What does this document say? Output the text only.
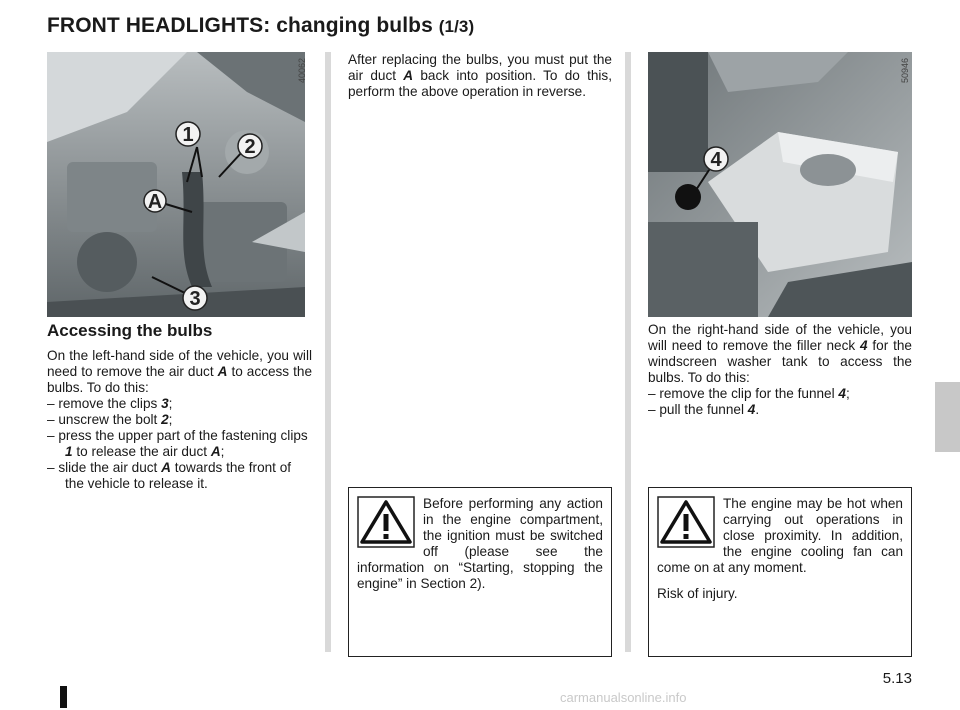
FRONT HEADLIGHTS: changing bulbs (1/3)
1
2
A
3
40062
Accessing the bulbs

On the left-hand side of the vehicle, you will need to remove the air duct A to access the bulbs. To do this:

– remove the clips 3;

– unscrew the bolt 2;

– press the upper part of the fastening clips 1 to release the air duct A;

– slide the air duct A towards the front of the vehicle to release it.

After replacing the bulbs, you must put the air duct A back into position. To do this, perform the above operation in reverse.

Before performing any action in the engine compartment, the ignition must be switched off (please see the information on “Starting, stopping the engine” in Section 2).

4
50946

On the right-hand side of the vehicle, you will need to remove the filler neck 4 for the windscreen washer tank to access the bulbs. To do this:

– remove the clip for the funnel 4;

– pull the funnel 4.

The engine may be hot when carrying out operations in close proximity. In addition, the engine cooling fan can come on at any moment.

Risk of injury.

5.13
carmanualsonline.info
